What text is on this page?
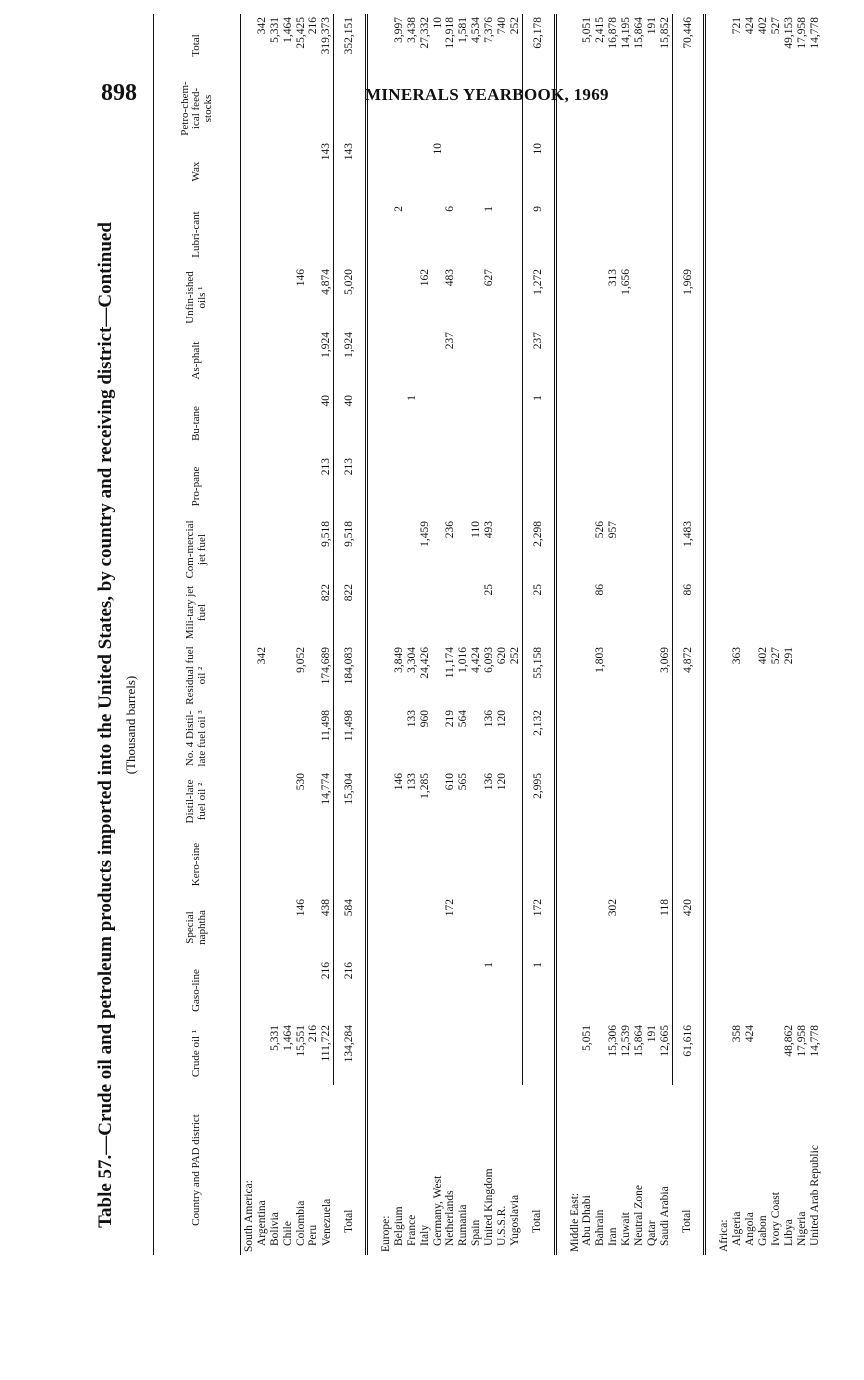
898	MINERALS YEARBOOK, 1969
Table 57.—Crude oil and petroleum products imported into the United States, by country and receiving district—Continued (Thousand barrels)
Country and PAD district	Crude oil ¹	Gaso-line	Special naphtha	Kero-sine	Distil-late fuel oil ²	No. 4 Distil-late fuel oil ³	Residual fuel oil ²	Mili-tary jet fuel	Com-mercial jet fuel	Pro-pane	Bu-tane	As-phalt	Unfin-ished oils ¹	Lubri-cant	Wax	Petro-chem-ical feed-stocks	Total
South America:																	
Argentina							342										342
Bolivia	5,331																5,331
Chile	1,464																1,464
Colombia	15,551		146		530		9,052						146				25,425
Peru	216																216
Venezuela	111,722	216	438		14,774	11,498	174,689	822	9,518	213	40	1,924	4,874		143		319,373
Total	134,284	216	584		15,304	11,498	184,083	822	9,518	213	40	1,924	5,020		143		352,151

Europe:																	
Belgium					146		3,849							2			3,997
France					133	133	3,304				1						3,438
Italy					1,285	960	24,426		1,459				162				27,332
Germany, West															10		10
Netherlands			172		610	219	11,174		236			237	483	6			12,918
Rumania					565	564	1,016										1,581
Spain							4,424		110								4,534
United Kingdom		1			136	136	6,093	25	493				627	1			7,376
U.S.S.R.					120	120	620										740
Yugoslavia							252										252
Total		1	172		2,995	2,132	55,158	25	2,298		1	237	1,272	9	10		62,178

Middle East:																	
Abu Dhabi	5,051																5,051
Bahrain							1,803	86	526								2,415
Iran	15,306		302						957				313				16,878
Kuwait	12,539												1,656				14,195
Neutral Zone	15,864																15,864
Qatar	191																191
Saudi Arabia	12,665		118				3,069										15,852
Total	61,616		420				4,872	86	1,483				1,969				70,446

Africa:																	
Algeria	358						363										721
Angola	424																424
Gabon							402										402
Ivory Coast							527										527
Libya	48,862						291										49,153
Nigeria	17,958																17,958
United Arab Republic	14,778																14,778
